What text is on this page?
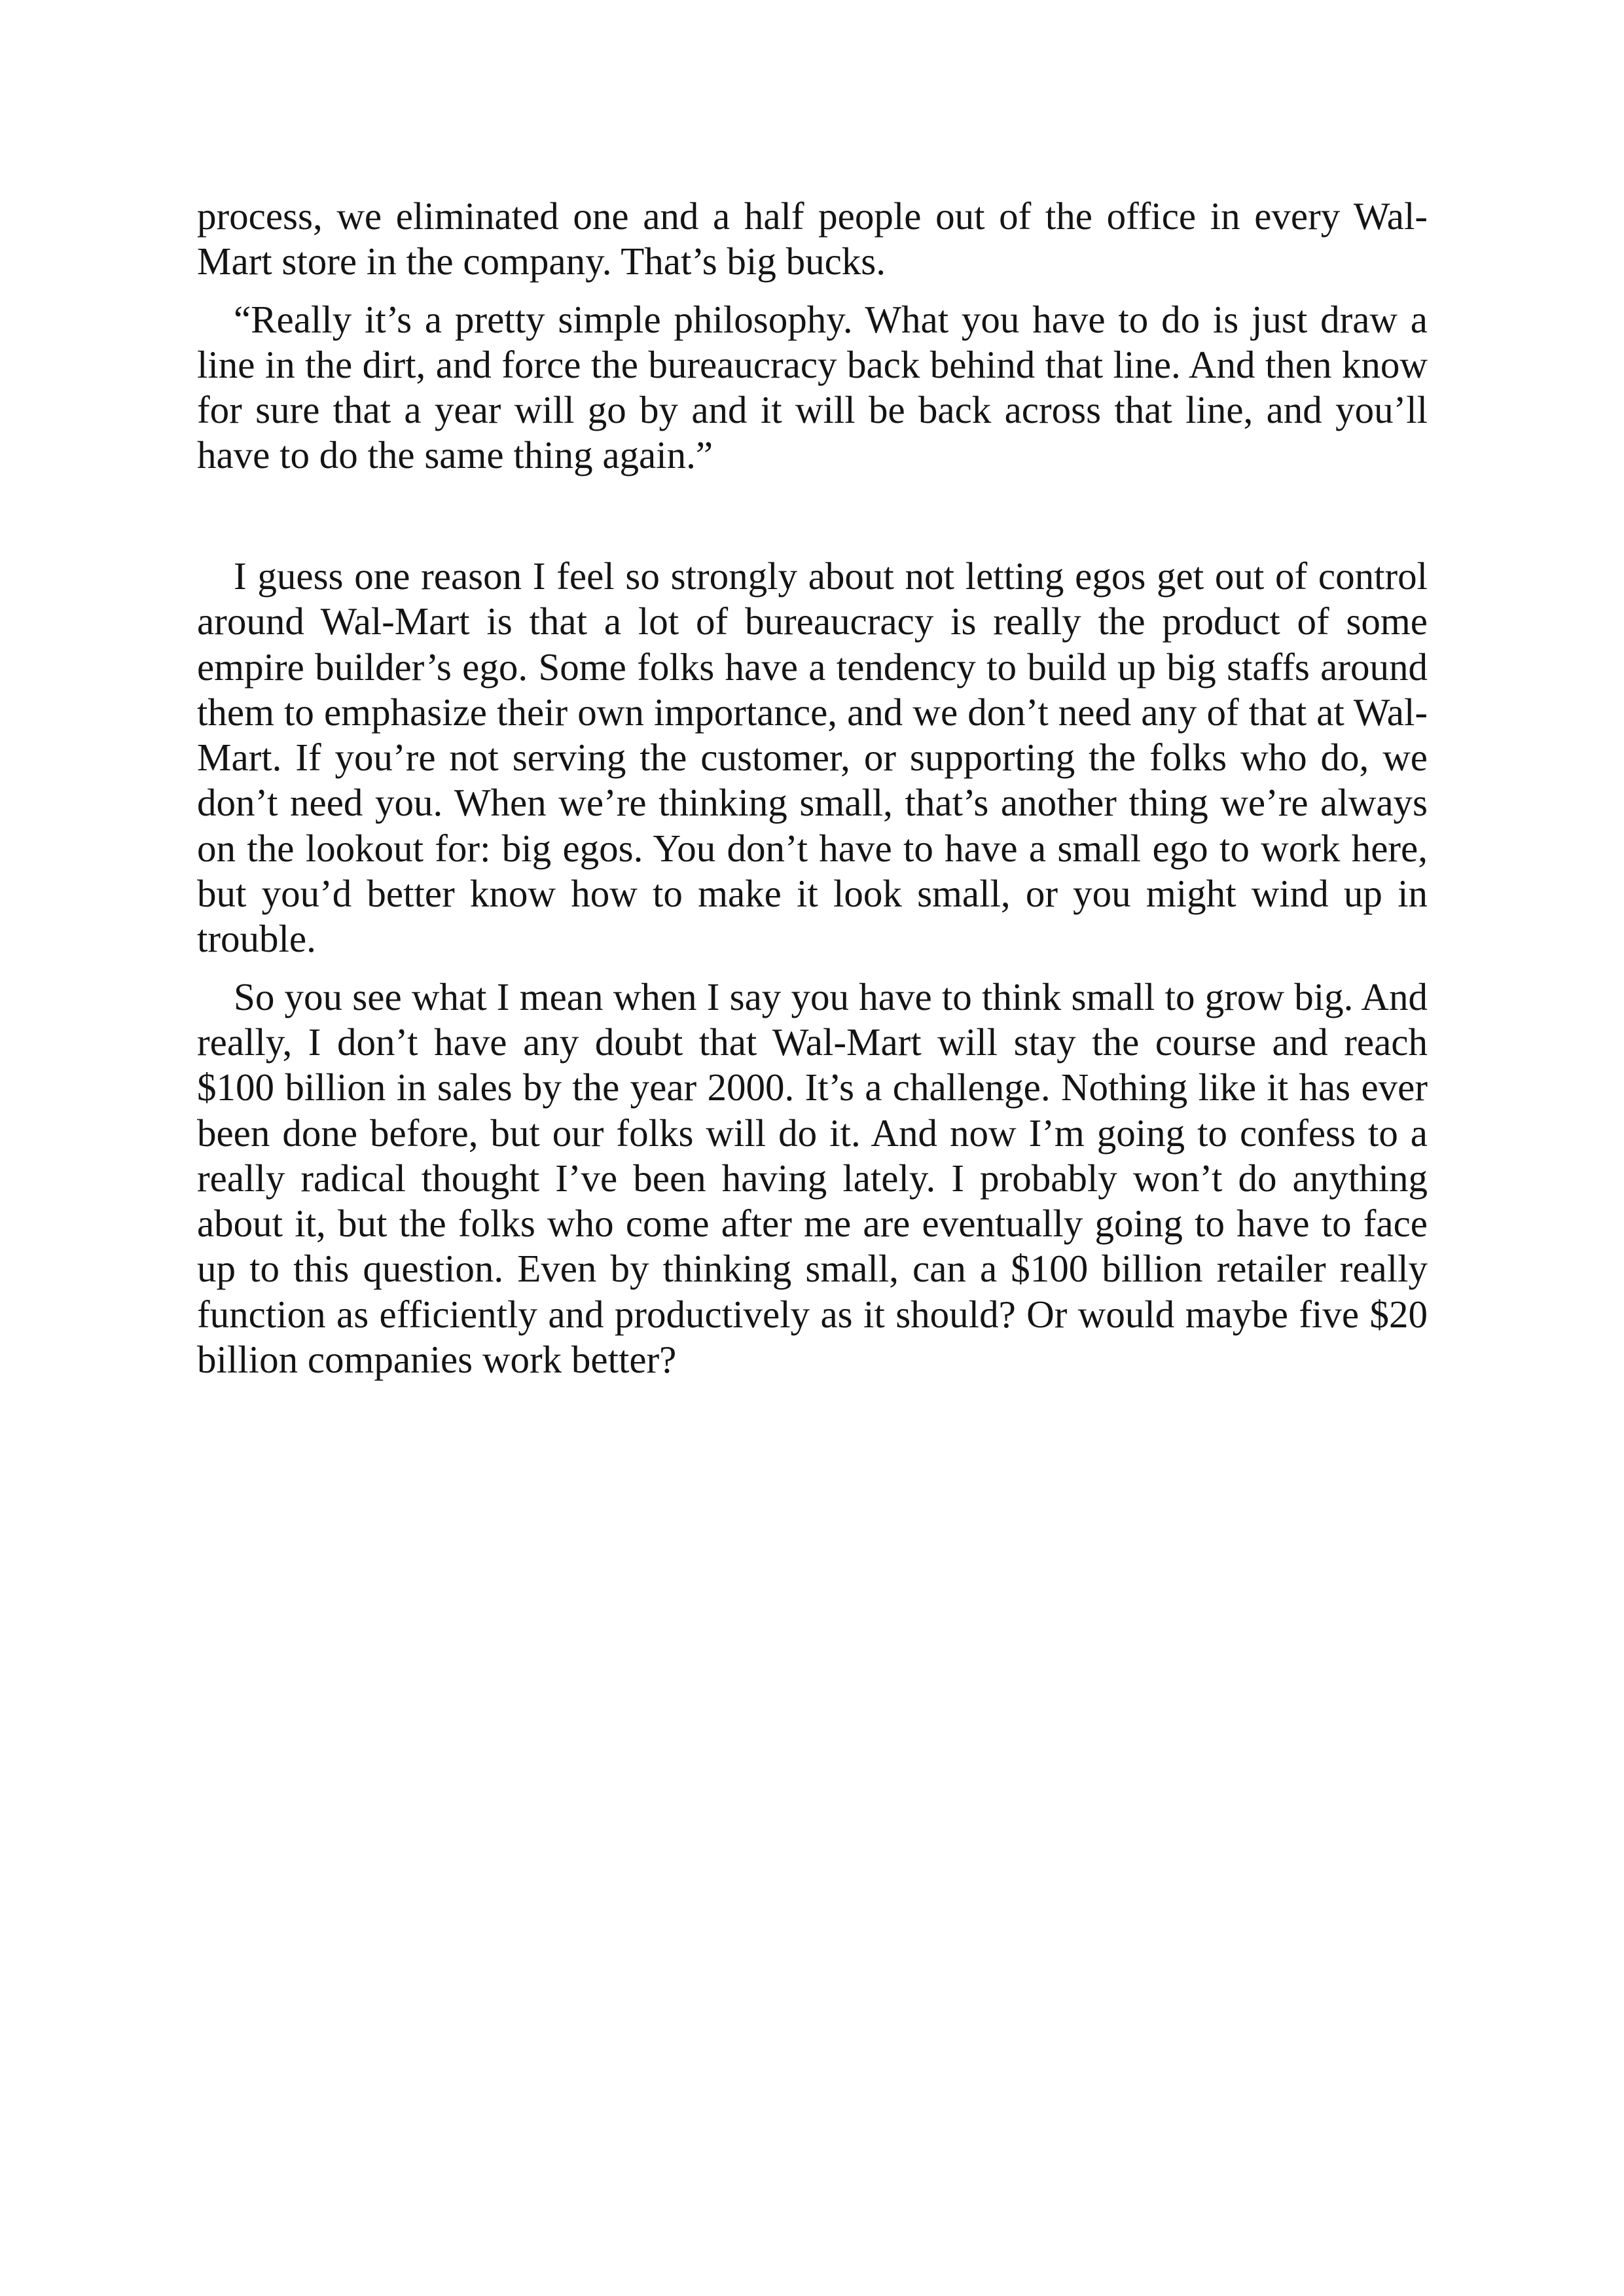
process, we eliminated one and a half people out of the office in every Wal-Mart store in the company. That’s big bucks.

“Really it’s a pretty simple philosophy. What you have to do is just draw a line in the dirt, and force the bureaucracy back behind that line. And then know for sure that a year will go by and it will be back across that line, and you’ll have to do the same thing again.”

I guess one reason I feel so strongly about not letting egos get out of control around Wal-Mart is that a lot of bureaucracy is really the product of some empire builder’s ego. Some folks have a tendency to build up big staffs around them to emphasize their own importance, and we don’t need any of that at Wal-Mart. If you’re not serving the customer, or supporting the folks who do, we don’t need you. When we’re thinking small, that’s another thing we’re always on the lookout for: big egos. You don’t have to have a small ego to work here, but you’d better know how to make it look small, or you might wind up in trouble.

So you see what I mean when I say you have to think small to grow big. And really, I don’t have any doubt that Wal-Mart will stay the course and reach $100 billion in sales by the year 2000. It’s a challenge. Nothing like it has ever been done before, but our folks will do it. And now I’m going to confess to a really radical thought I’ve been having lately. I probably won’t do anything about it, but the folks who come after me are eventually going to have to face up to this question. Even by thinking small, can a $100 billion retailer really function as efficiently and productively as it should? Or would maybe five $20 billion companies work better?
